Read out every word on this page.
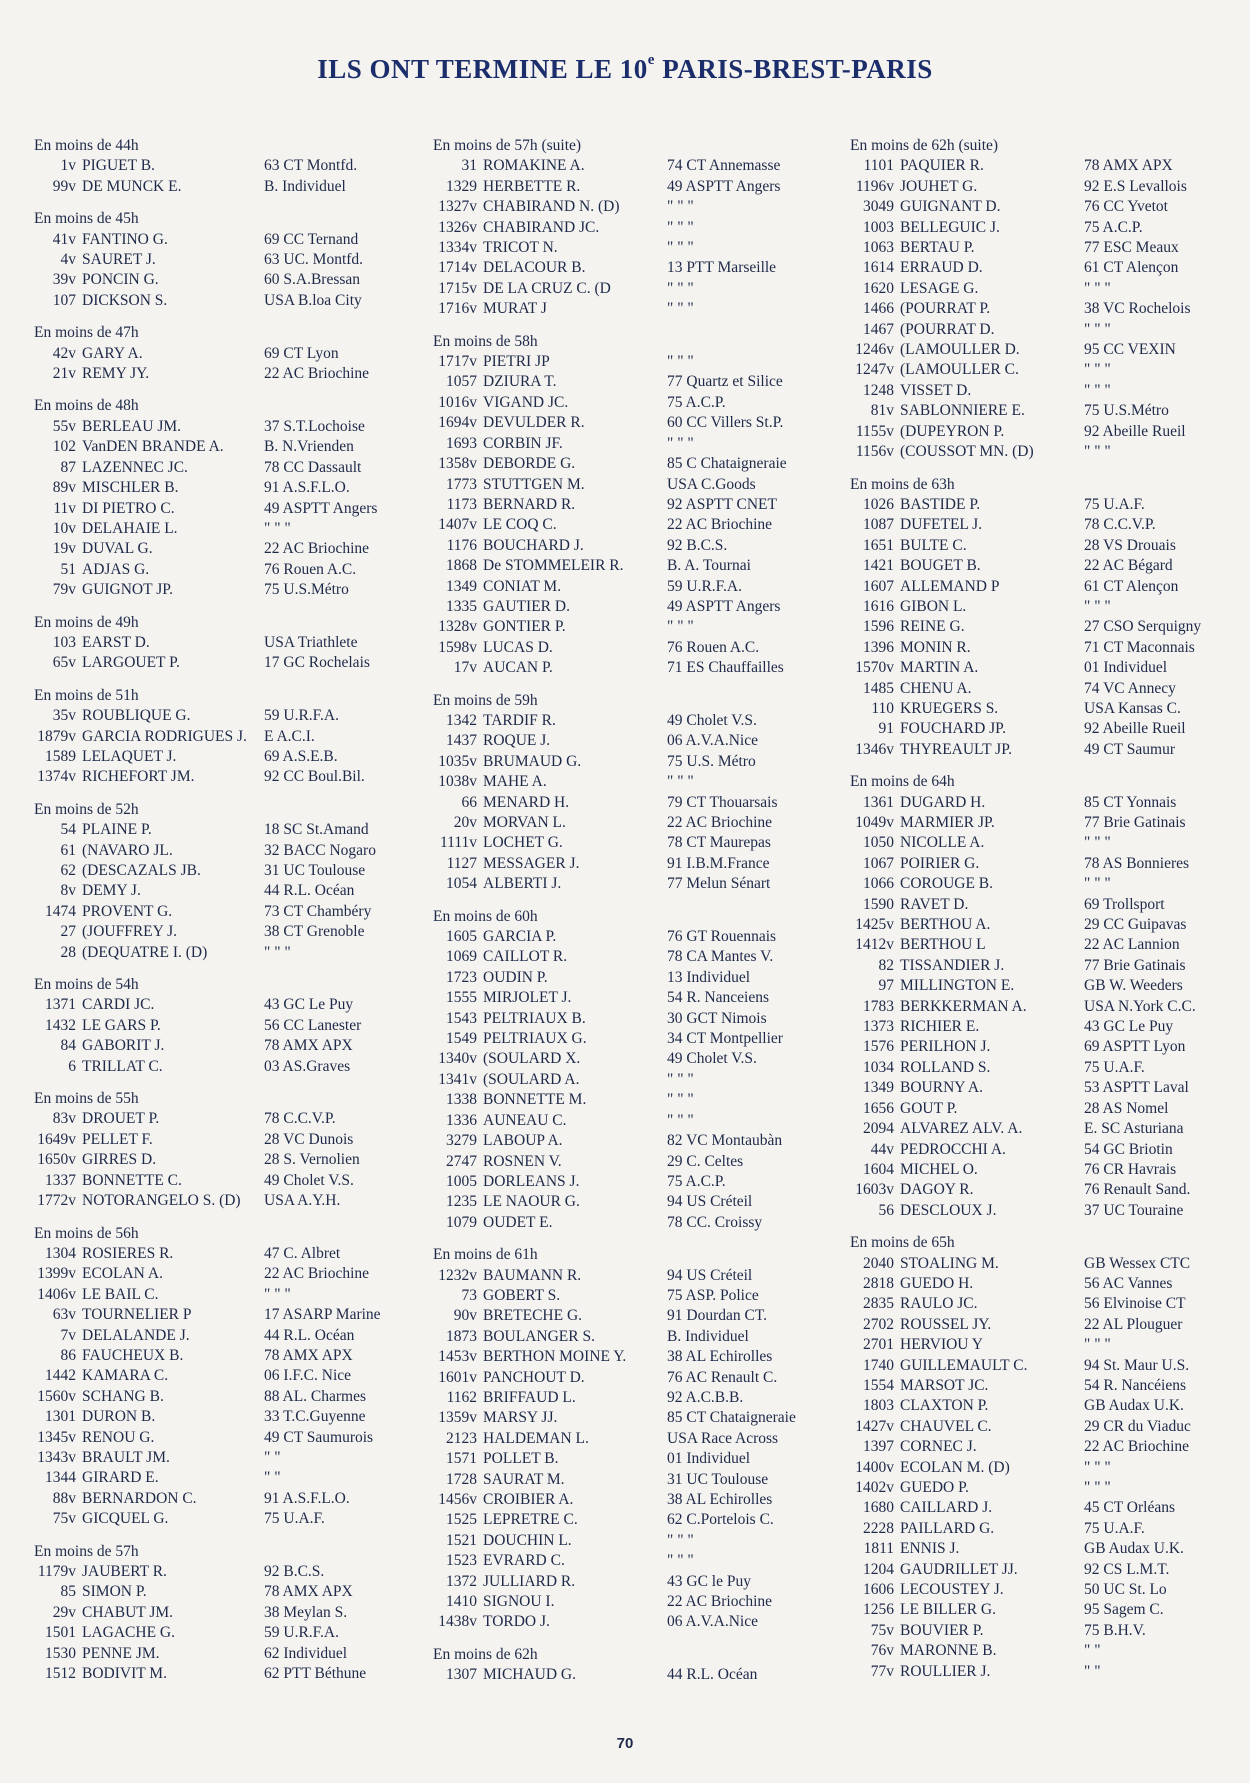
ILS ONT TERMINE LE 10e PARIS-BREST-PARIS
En moins de 44h
1v PIGUET B.	63 CT Montfd.
99v DE MUNCK E.	B. Individuel
En moins de 45h
41v FANTINO G.	69 CC Ternand
4v SAURET J.	63 UC. Montfd.
39v PONCIN G.	60 S.A.Bressan
107 DICKSON S.	USA B.loa City
En moins de 47h
42v GARY A.	69 CT Lyon
21v REMY JY.	22 AC Briochine
En moins de 48h
55v BERLEAU JM.	37 S.T.Lochoise
102 VanDEN BRANDE A.	B. N.Vrienden
87 LAZENNEC JC.	78 CC Dassault
89v MISCHLER B.	91 A.S.F.L.O.
11v DI PIETRO C.	49 ASPTT Angers
10v DELAHAIE L.	" " "
19v DUVAL G.	22 AC Briochine
51 ADJAS G.	76 Rouen A.C.
79v GUIGNOT JP.	75 U.S.Métro
En moins de 49h
103 EARST D.	USA Triathlete
65v LARGOUET P.	17 GC Rochelais
En moins de 51h
35v ROUBLIQUE G.	59 U.R.F.A.
1879v GARCIA RODRIGUES J.	E A.C.I.
1589 LELAQUET J.	69 A.S.E.B.
1374v RICHEFORT JM.	92 CC Boul.Bil.
En moins de 52h
54 PLAINE P.	18 SC St.Amand
61 (NAVARO JL.	32 BACC Nogaro
62 (DESCAZALS JB.	31 UC Toulouse
8v DEMY J.	44 R.L. Océan
1474 PROVENT G.	73 CT Chambéry
27 (JOUFFREY J.	38 CT Grenoble
28 (DEQUATRE I. (D)	" " "
En moins de 54h
1371 CARDI JC.	43 GC Le Puy
1432 LE GARS P.	56 CC Lanester
84 GABORIT J.	78 AMX APX
6 TRILLAT C.	03 AS.Graves
En moins de 55h
83v DROUET P.	78 C.C.V.P.
1649v PELLET F.	28 VC Dunois
1650v GIRRES D.	28 S. Vernolien
1337 BONNETTE C.	49 Cholet V.S.
1772v NOTORANGELO S. (D)	USA A.Y.H.
En moins de 56h
1304 ROSIERES R.	47 C. Albret
1399v ECOLAN A.	22 AC Briochine
1406v LE BAIL C.	" " "
63v TOURNELIER P	17 ASARP Marine
7v DELALANDE J.	44 R.L. Océan
86 FAUCHEUX B.	78 AMX APX
1442 KAMARA C.	06 I.F.C. Nice
1560v SCHANG B.	88 AL. Charmes
1301 DURON B.	33 T.C.Guyenne
1345v RENOU G.	49 CT Saumurois
1343v BRAULT JM.	" "
1344 GIRARD E.	" "
88v BERNARDON C.	91 A.S.F.L.O.
75v GICQUEL G.	75 U.A.F.
En moins de 57h
1179v JAUBERT R.	92 B.C.S.
85 SIMON P.	78 AMX APX
29v CHABUT JM.	38 Meylan S.
1501 LAGACHE G.	59 U.R.F.A.
1530 PENNE JM.	62 Individuel
1512 BODIVIT M.	62 PTT Béthune
En moins de 57h (suite)
31 ROMAKINE A.	74 CT Annemasse
1329 HERBETTE R.	49 ASPTT Angers
1327v CHABIRAND N. (D)	" " "
1326v CHABIRAND JC.	" " "
1334v TRICOT N.	" " "
1714v DELACOUR B.	13 PTT Marseille
1715v DE LA CRUZ C. (D	" " "
1716v MURAT J	" " "
En moins de 58h
1717v PIETRI JP	" " "
1057 DZIURA T.	77 Quartz et Silice
1016v VIGAND JC.	75 A.C.P.
1694v DEVULDER R.	60 CC Villers St.P.
1693 CORBIN JF.	" " "
1358v DEBORDE G.	85 C Chataigneraie
1773 STUTTGEN M.	USA C.Goods
1173 BERNARD R.	92 ASPTT CNET
1407v LE COQ C.	22 AC Briochine
1176 BOUCHARD J.	92 B.C.S.
1868 De STOMMELEIR R.	B. A. Tournai
1349 CONIAT M.	59 U.R.F.A.
1335 GAUTIER D.	49 ASPTT Angers
1328v GONTIER P.	" " "
1598v LUCAS D.	76 Rouen A.C.
17v AUCAN P.	71 ES Chauffailles
En moins de 59h
1342 TARDIF R.	49 Cholet V.S.
1437 ROQUE J.	06 A.V.A.Nice
1035v BRUMAUD G.	75 U.S. Métro
1038v MAHE A.	" " "
66 MENARD H.	79 CT Thouarsais
20v MORVAN L.	22 AC Briochine
1111v LOCHET G.	78 CT Maurepas
1127 MESSAGER J.	91 I.B.M.France
1054 ALBERTI J.	77 Melun Sénart
En moins de 60h
1605 GARCIA P.	76 GT Rouennais
1069 CAILLOT R.	78 CA Mantes V.
1723 OUDIN P.	13 Individuel
1555 MIRJOLET J.	54 R. Nanceiens
1543 PELTRIAUX B.	30 GCT Nimois
1549 PELTRIAUX G.	34 CT Montpellier
1340v (SOULARD X.	49 Cholet V.S.
1341v (SOULARD A.	" " "
1338 BONNETTE M.	" " "
1336 AUNEAU C.	" " "
3279 LABOUP A.	82 VC Montaubàn
2747 ROSNEN V.	29 C. Celtes
1005 DORLEANS J.	75 A.C.P.
1235 LE NAOUR G.	94 US Créteil
1079 OUDET E.	78 CC. Croissy
En moins de 61h
1232v BAUMANN R.	94 US Créteil
73 GOBERT S.	75 ASP. Police
90v BRETECHE G.	91 Dourdan CT.
1873 BOULANGER S.	B. Individuel
1453v BERTHON MOINE Y.	38 AL Echirolles
1601v PANCHOUT D.	76 AC Renault C.
1162 BRIFFAUD L.	92 A.C.B.B.
1359v MARSY JJ.	85 CT Chataigneraie
2123 HALDEMAN L.	USA Race Across
1571 POLLET B.	01 Individuel
1728 SAURAT M.	31 UC Toulouse
1456v CROIBIER A.	38 AL Echirolles
1525 LEPRETRE C.	62 C.Portelois C.
1521 DOUCHIN L.	" " "
1523 EVRARD C.	" " "
1372 JULLIARD R.	43 GC le Puy
1410 SIGNOU I.	22 AC Briochine
1438v TORDO J.	06 A.V.A.Nice
En moins de 62h
1307 MICHAUD G.	44 R.L. Océan
En moins de 62h (suite)
1101 PAQUIER R.	78 AMX APX
1196v JOUHET G.	92 E.S Levallois
3049 GUIGNANT D.	76 CC Yvetot
1003 BELLEGUIC J.	75 A.C.P.
1063 BERTAU P.	77 ESC Meaux
1614 ERRAUD D.	61 CT Alençon
1620 LESAGE G.	" " "
1466 (POURRAT P.	38 VC Rochelois
1467 (POURRAT D.	" " "
1246v (LAMOULLER D.	95 CC VEXIN
1247v (LAMOULLER C.	" " "
1248 VISSET D.	" " "
81v SABLONNIERE E.	75 U.S.Métro
1155v (DUPEYRON P.	92 Abeille Rueil
1156v (COUSSOT MN. (D)	" " "
En moins de 63h
1026 BASTIDE P.	75 U.A.F.
1087 DUFETEL J.	78 C.C.V.P.
1651 BULTE C.	28 VS Drouais
1421 BOUGET B.	22 AC Bégard
1607 ALLEMAND P	61 CT Alençon
1616 GIBON L.	" " "
1596 REINE G.	27 CSO Serquigny
1396 MONIN R.	71 CT Maconnais
1570v MARTIN A.	01 Individuel
1485 CHENU A.	74 VC Annecy
110 KRUEGERS S.	USA Kansas C.
91 FOUCHARD JP.	92 Abeille Rueil
1346v THYREAULT JP.	49 CT Saumur
En moins de 64h
1361 DUGARD H.	85 CT Yonnais
1049v MARMIER JP.	77 Brie Gatinais
1050 NICOLLE A.	" " "
1067 POIRIER G.	78 AS Bonnieres
1066 COROUGE B.	" " "
1590 RAVET D.	69 Trollsport
1425v BERTHOU A.	29 CC Guipavas
1412v BERTHOU L	22 AC Lannion
82 TISSANDIER J.	77 Brie Gatinais
97 MILLINGTON E.	GB W. Weeders
1783 BERKKERMAN A.	USA N.York C.C.
1373 RICHIER E.	43 GC Le Puy
1576 PERILHON J.	69 ASPTT Lyon
1034 ROLLAND S.	75 U.A.F.
1349 BOURNY A.	53 ASPTT Laval
1656 GOUT P.	28 AS Nomel
2094 ALVAREZ ALV. A.	E. SC Asturiana
44v PEDROCCHI A.	54 GC Briotin
1604 MICHEL O.	76 CR Havrais
1603v DAGOY R.	76 Renault Sand.
56 DESCLOUX J.	37 UC Touraine
En moins de 65h
2040 STOALING M.	GB Wessex CTC
2818 GUEDO H.	56 AC Vannes
2835 RAULO JC.	56 Elvinoise CT
2702 ROUSSEL JY.	22 AL Plouguer
2701 HERVIOU Y	" " "
1740 GUILLEMAULT C.	94 St. Maur U.S.
1554 MARSOT JC.	54 R. Nancéiens
1803 CLAXTON P.	GB Audax U.K.
1427v CHAUVEL C.	29 CR du Viaduc
1397 CORNEC J.	22 AC Briochine
1400v ECOLAN M. (D)	" " "
1402v GUEDO P.	" " "
1680 CAILLARD J.	45 CT Orléans
2228 PAILLARD G.	75 U.A.F.
1811 ENNIS J.	GB Audax U.K.
1204 GAUDRILLET JJ.	92 CS L.M.T.
1606 LECOUSTEY J.	50 UC St. Lo
1256 LE BILLER G.	95 Sagem C.
75v BOUVIER P.	75 B.H.V.
76v MARONNE B.	" "
77v ROULLIER J.	" "
70
